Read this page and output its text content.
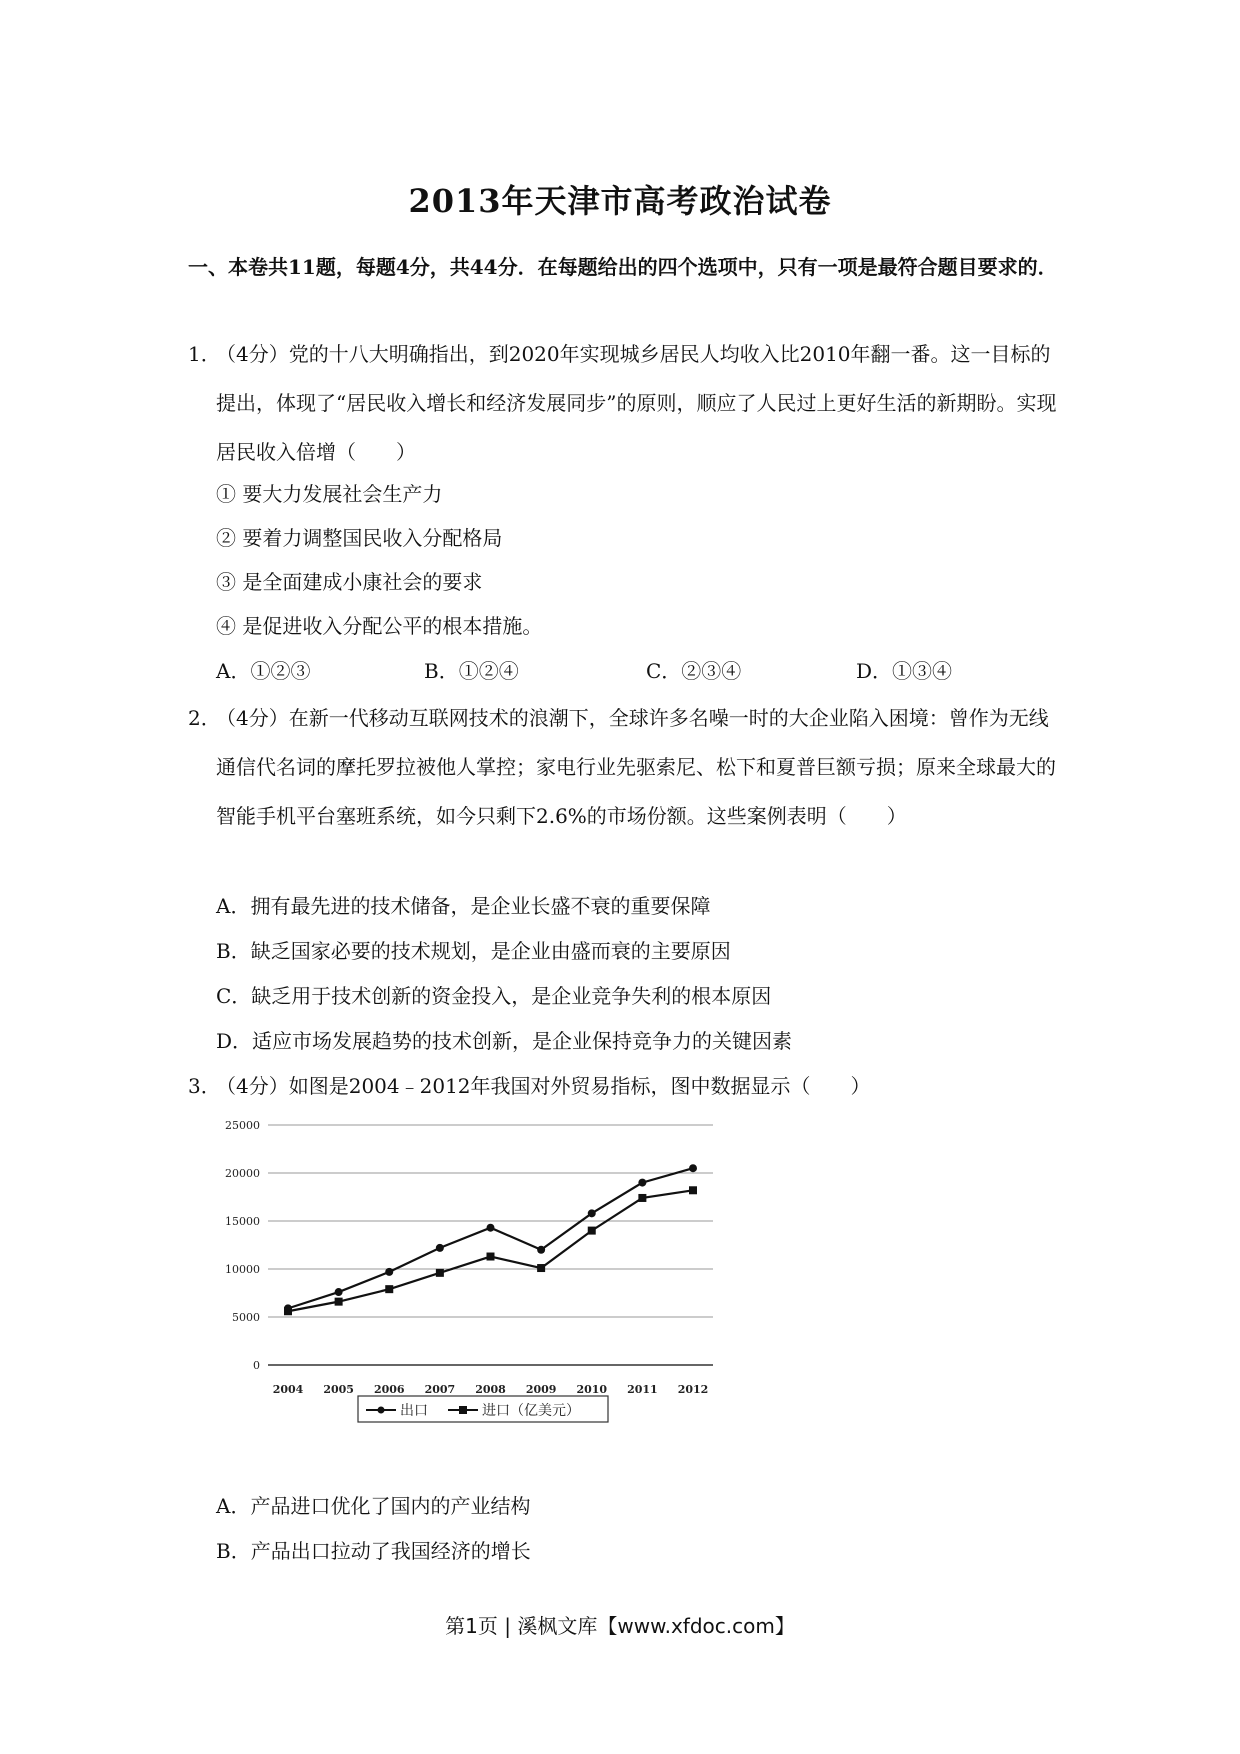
2013年天津市高考政治试卷
一、本卷共11题，每题4分，共44分．在每题给出的四个选项中，只有一项是最符合题目要求的．
1．
（4分）党的十八大明确指出，到2020年实现城乡居民人均收入比2010年翻一番。这一目标的提出，体现了“居民收入增长和经济发展同步”的原则，顺应了人民过上更好生活的新期盼。实现居民收入倍增（　　）
① 要大力发展社会生产力
② 要着力调整国民收入分配格局
③ 是全面建成小康社会的要求
④ 是促进收入分配公平的根本措施。
A．①②③	B．①②④	C．②③④	D．①③④
2．
（4分）在新一代移动互联网技术的浪潮下，全球许多名噪一时的大企业陷入困境：曾作为无线通信代名词的摩托罗拉被他人掌控；家电行业先驱索尼、松下和夏普巨额亏损；原来全球最大的智能手机平台塞班系统，如今只剩下2.6%的市场份额。这些案例表明（　　）
A．拥有最先进的技术储备，是企业长盛不衰的重要保障
B．缺乏国家必要的技术规划，是企业由盛而衰的主要原因
C．缺乏用于技术创新的资金投入，是企业竞争失利的根本原因
D．适应市场发展趋势的技术创新，是企业保持竞争力的关键因素
3．
（4分）如图是2004﹣2012年我国对外贸易指标，图中数据显示（　　）
0
5000
10000
15000
20000
25000
2004 2005 2006 2007 2008 2009 2010 2011 2012
出口	进口（亿美元）
A．产品进口优化了国内的产业结构
B．产品出口拉动了我国经济的增长
第1页 | 溪枫文库【www.xfdoc.com】
